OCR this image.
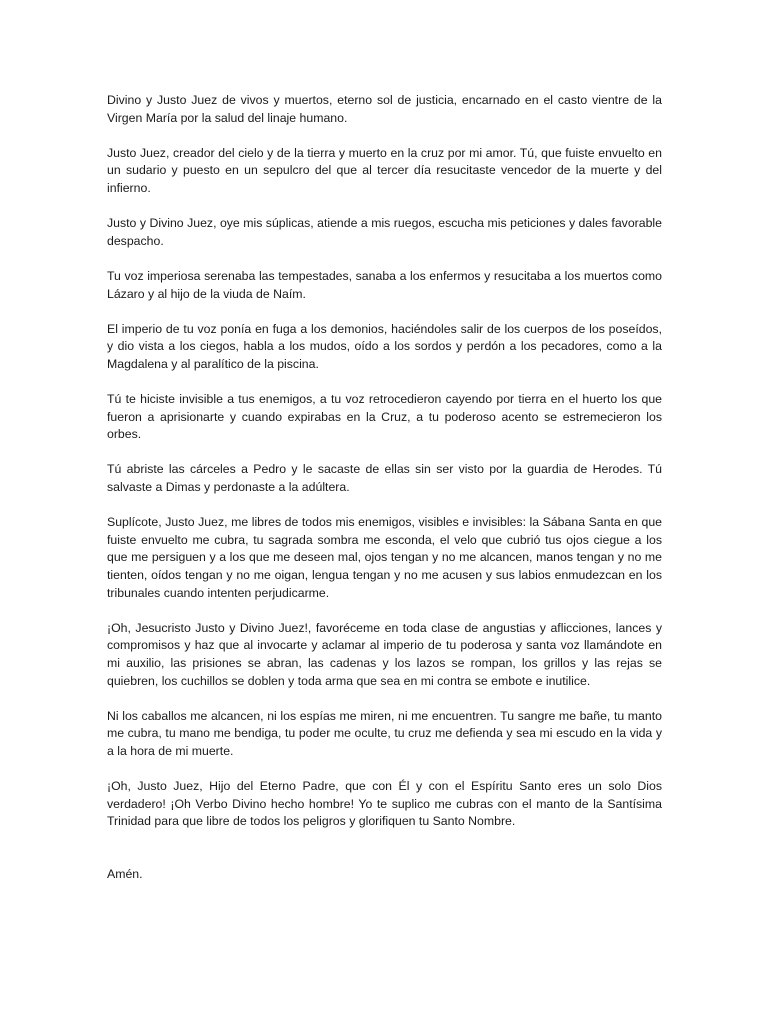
Divino y Justo Juez de vivos y muertos, eterno sol de justicia, encarnado en el casto vientre de la Virgen María por la salud del linaje humano.

Justo Juez, creador del cielo y de la tierra y muerto en la cruz por mi amor. Tú, que fuiste envuelto en un sudario y puesto en un sepulcro del que al tercer día resucitaste vencedor de la muerte y del infierno.

Justo y Divino Juez, oye mis súplicas, atiende a mis ruegos, escucha mis peticiones y dales favorable despacho.

Tu voz imperiosa serenaba las tempestades, sanaba a los enfermos y resucitaba a los muertos como Lázaro y al hijo de la viuda de Naím.

El imperio de tu voz ponía en fuga a los demonios, haciéndoles salir de los cuerpos de los poseídos, y dio vista a los ciegos, habla a los mudos, oído a los sordos y perdón a los pecadores, como a la Magdalena y al paralítico de la piscina.

Tú te hiciste invisible a tus enemigos, a tu voz retrocedieron cayendo por tierra en el huerto los que fueron a aprisionarte y cuando expirabas en la Cruz, a tu poderoso acento se estremecieron los orbes.

Tú abriste las cárceles a Pedro y le sacaste de ellas sin ser visto por la guardia de Herodes. Tú salvaste a Dimas y perdonaste a la adúltera.

Suplícote, Justo Juez, me libres de todos mis enemigos, visibles e invisibles: la Sábana Santa en que fuiste envuelto me cubra, tu sagrada sombra me esconda, el velo que cubrió tus ojos ciegue a los que me persiguen y a los que me deseen mal, ojos tengan y no me alcancen, manos tengan y no me tienten, oídos tengan y no me oigan, lengua tengan y no me acusen y sus labios enmudezcan en los tribunales cuando intenten perjudicarme.

¡Oh, Jesucristo Justo y Divino Juez!, favoréceme en toda clase de angustias y aflicciones, lances y compromisos y haz que al invocarte y aclamar al imperio de tu poderosa y santa voz llamándote en mi auxilio, las prisiones se abran, las cadenas y los lazos se rompan, los grillos y las rejas se quiebren, los cuchillos se doblen y toda arma que sea en mi contra se embote e inutilice.

Ni los caballos me alcancen, ni los espías me miren, ni me encuentren. Tu sangre me bañe, tu manto me cubra, tu mano me bendiga, tu poder me oculte, tu cruz me defienda y sea mi escudo en la vida y a la hora de mi muerte.

¡Oh, Justo Juez, Hijo del Eterno Padre, que con Él y con el Espíritu Santo eres un solo Dios verdadero! ¡Oh Verbo Divino hecho hombre! Yo te suplico me cubras con el manto de la Santísima Trinidad para que libre de todos los peligros y glorifiquen tu Santo Nombre.

Amén.
